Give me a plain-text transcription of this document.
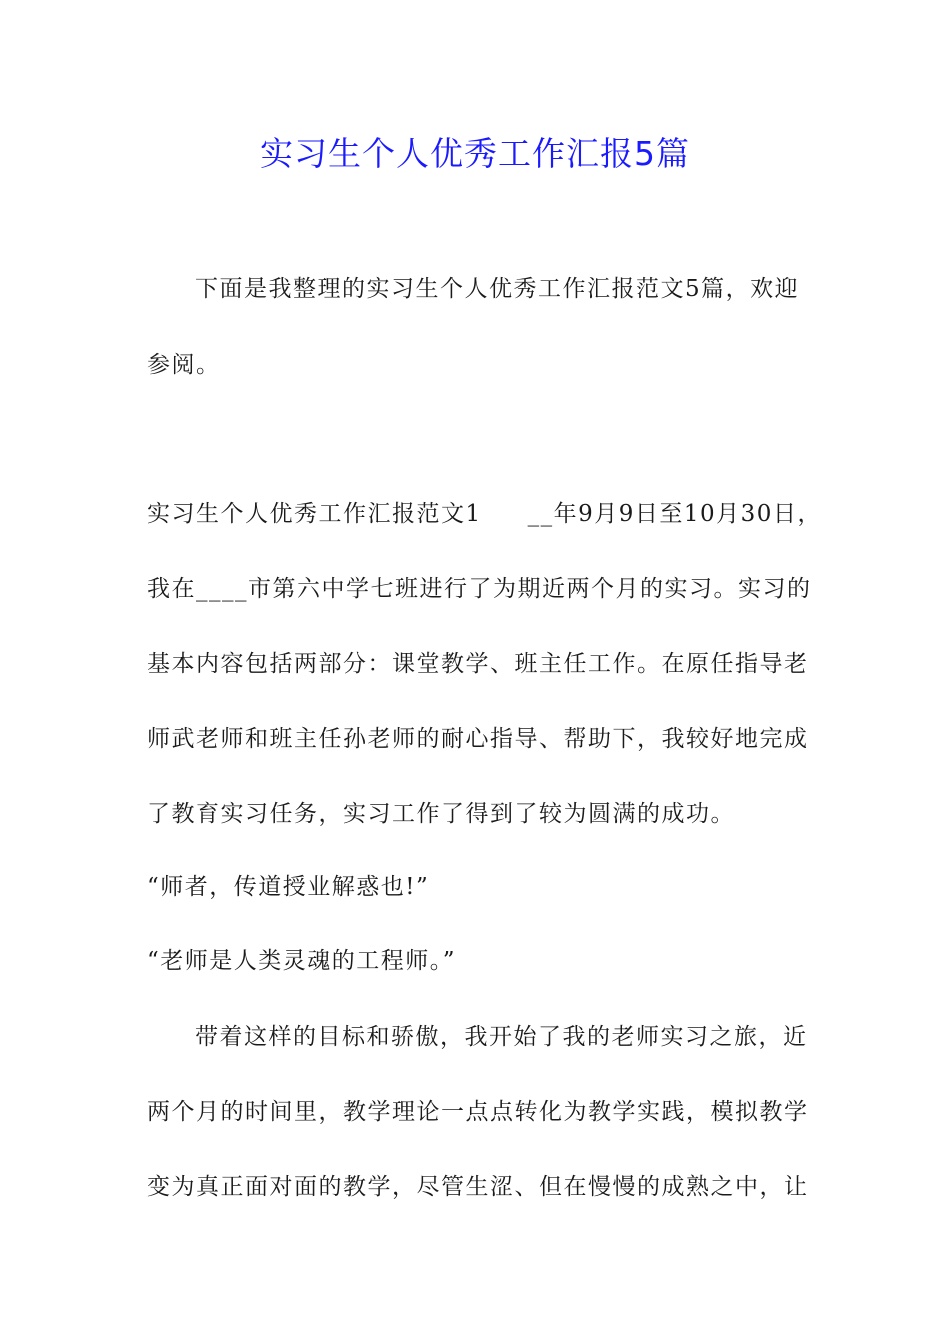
实习生个人优秀工作汇报5篇

下面是我整理的实习生个人优秀工作汇报范文5篇，欢迎

参阅。

实习生个人优秀工作汇报范文1 __年9月9日至10月30日，

我在____市第六中学七班进行了为期近两个月的实习。实习的

基本内容包括两部分：课堂教学、班主任工作。在原任指导老

师武老师和班主任孙老师的耐心指导、帮助下，我较好地完成

了教育实习任务，实习工作了得到了较为圆满的成功。

“师者，传道授业解惑也!”

“老师是人类灵魂的工程师。”

带着这样的目标和骄傲，我开始了我的老师实习之旅，近

两个月的时间里，教学理论一点点转化为教学实践，模拟教学

变为真正面对面的教学，尽管生涩、但在慢慢的成熟之中，让
